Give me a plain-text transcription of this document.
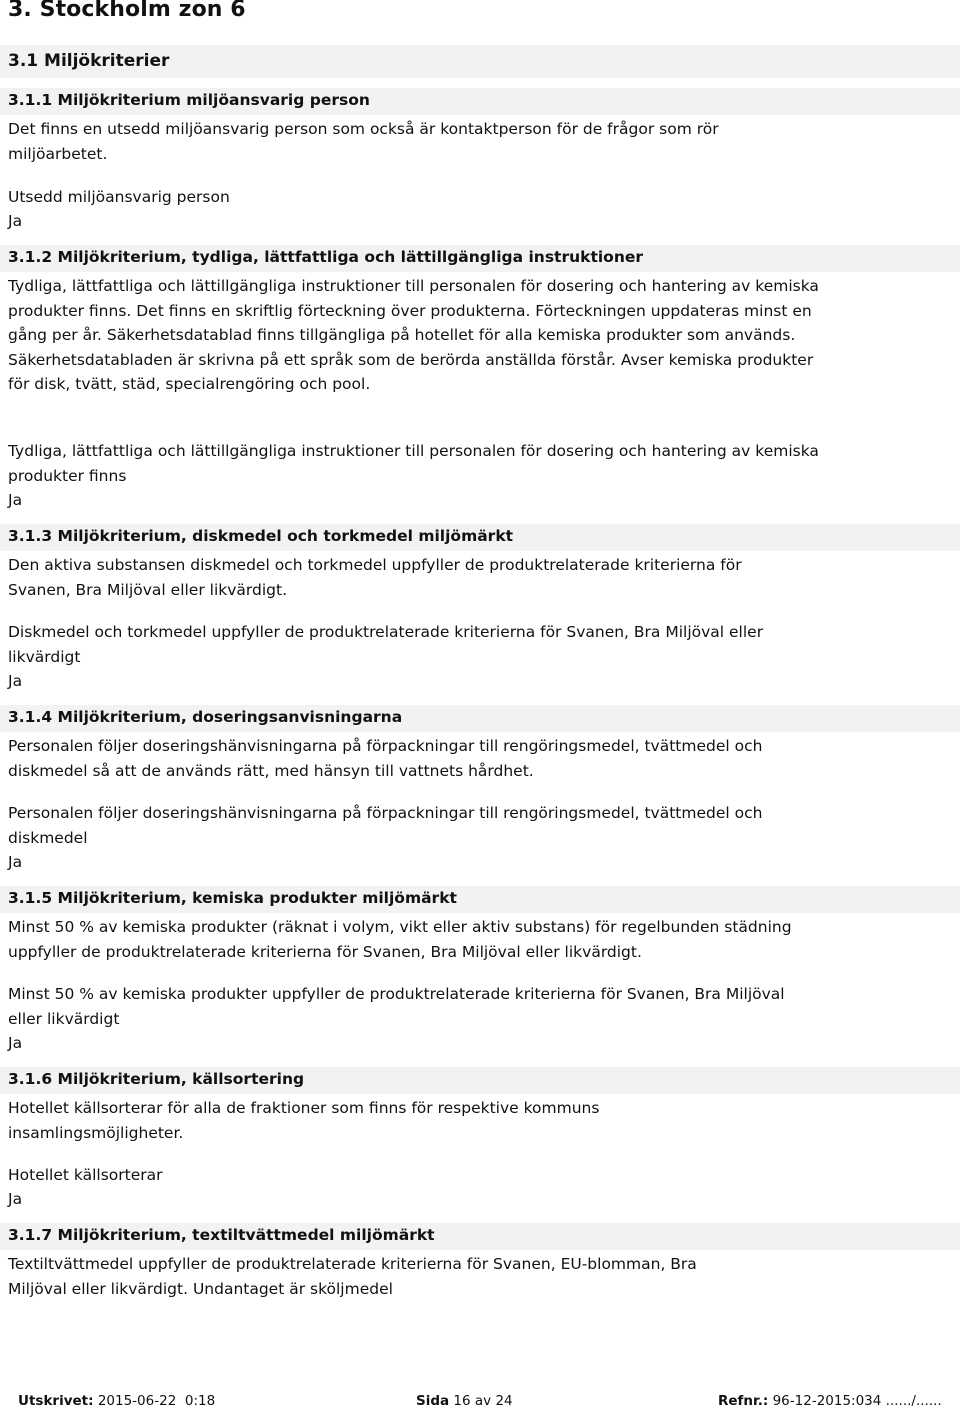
3. Stockholm zon 6
3.1 Miljökriterier
3.1.1 Miljökriterium miljöansvarig person

Det finns en utsedd miljöansvarig person som också är kontaktperson för de frågor som rör miljöarbetet.

Utsedd miljöansvarig person

Ja

3.1.2 Miljökriterium, tydliga, lättfattliga och lättillgängliga instruktioner

Tydliga, lättfattliga och lättillgängliga instruktioner till personalen för dosering och hantering av kemiska produkter finns. Det finns en skriftlig förteckning över produkterna. Förteckningen uppdateras minst en gång per år. Säkerhetsdatablad finns tillgängliga på hotellet för alla kemiska produkter som används. Säkerhetsdatabladen är skrivna på ett språk som de berörda anställda förstår. Avser kemiska produkter för disk, tvätt, städ, specialrengöring och pool.

Tydliga, lättfattliga och lättillgängliga instruktioner till personalen för dosering och hantering av kemiska produkter finns

Ja

3.1.3 Miljökriterium, diskmedel och torkmedel miljömärkt

Den aktiva substansen diskmedel och torkmedel uppfyller de produktrelaterade kriterierna för Svanen, Bra Miljöval eller likvärdigt.

Diskmedel och torkmedel uppfyller de produktrelaterade kriterierna för Svanen, Bra Miljöval eller likvärdigt

Ja

3.1.4 Miljökriterium, doseringsanvisningarna

Personalen följer doseringshänvisningarna på förpackningar till rengöringsmedel, tvättmedel och diskmedel så att de används rätt, med hänsyn till vattnets hårdhet.

Personalen följer doseringshänvisningarna på förpackningar till rengöringsmedel, tvättmedel och diskmedel

Ja

3.1.5 Miljökriterium, kemiska produkter miljömärkt

Minst 50 % av kemiska produkter (räknat i volym, vikt eller aktiv substans) för regelbunden städning uppfyller de produktrelaterade kriterierna för Svanen, Bra Miljöval eller likvärdigt.

Minst 50 % av kemiska produkter uppfyller de produktrelaterade kriterierna för Svanen, Bra Miljöval eller likvärdigt

Ja

3.1.6 Miljökriterium, källsortering

Hotellet källsorterar för alla de fraktioner som finns för respektive kommuns insamlingsmöjligheter.

Hotellet källsorterar

Ja

3.1.7 Miljökriterium, textiltvättmedel miljömärkt

Textiltvättmedel uppfyller de produktrelaterade kriterierna för Svanen, EU-blomman, Bra Miljöval eller likvärdigt. Undantaget är sköljmedel

Utskrivet: 2015-06-22  0:18	Sida 16 av 24	Refnr.: 96-12-2015:034 ....../......
